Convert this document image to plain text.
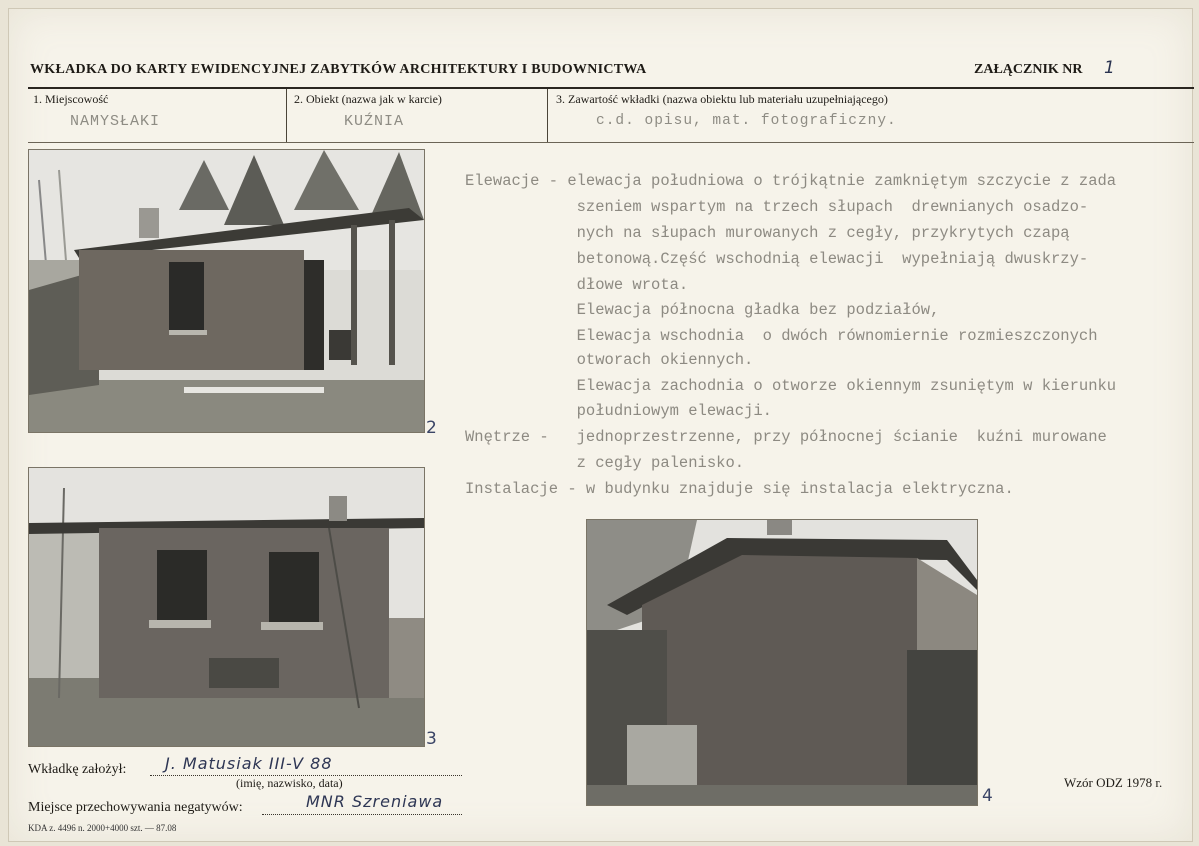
WKŁADKA DO KARTY EWIDENCYJNEJ ZABYTKÓW ARCHITEKTURY I BUDOWNICTWA	ZAŁĄCZNIK NR 1
1. Miejscowość
NAMYSŁAKI
2. Obiekt (nazwa jak w karcie)
KUŹNIA
3. Zawartość wkładki (nazwa obiektu lub materiału uzupełniającego)
c.d. opisu, mat. fotograficzny.
2
3
4
Elewacje - elewacja południowa o trójkątnie zamkniętym szczycie z zada
szeniem wspartym na trzech słupach  drewnianych osadzo-
nych na słupach murowanych z cegły, przykrytych czapą
betonową.Część wschodnią elewacji  wypełniają dwuskrzy-
dłowe wrota.
Elewacja północna gładka bez podziałów,
Elewacja wschodnia  o dwóch równomiernie rozmieszczonych
otworach okiennych.
Elewacja zachodnia o otworze okiennym zsuniętym w kierunku
południowym elewacji.
Wnętrze -   jednoprzestrzenne, przy północnej ścianie  kuźni murowane
z cegły palenisko.
Instalacje - w budynku znajduje się instalacja elektryczna.
Wkładkę założył: J. Matusiak III-V 88
(imię, nazwisko, data)
Miejsce przechowywania negatywów:	MNR Szreniawa
Wzór ODZ 1978 r.
KDA z. 4496 n. 2000+4000 szt. — 87.08
